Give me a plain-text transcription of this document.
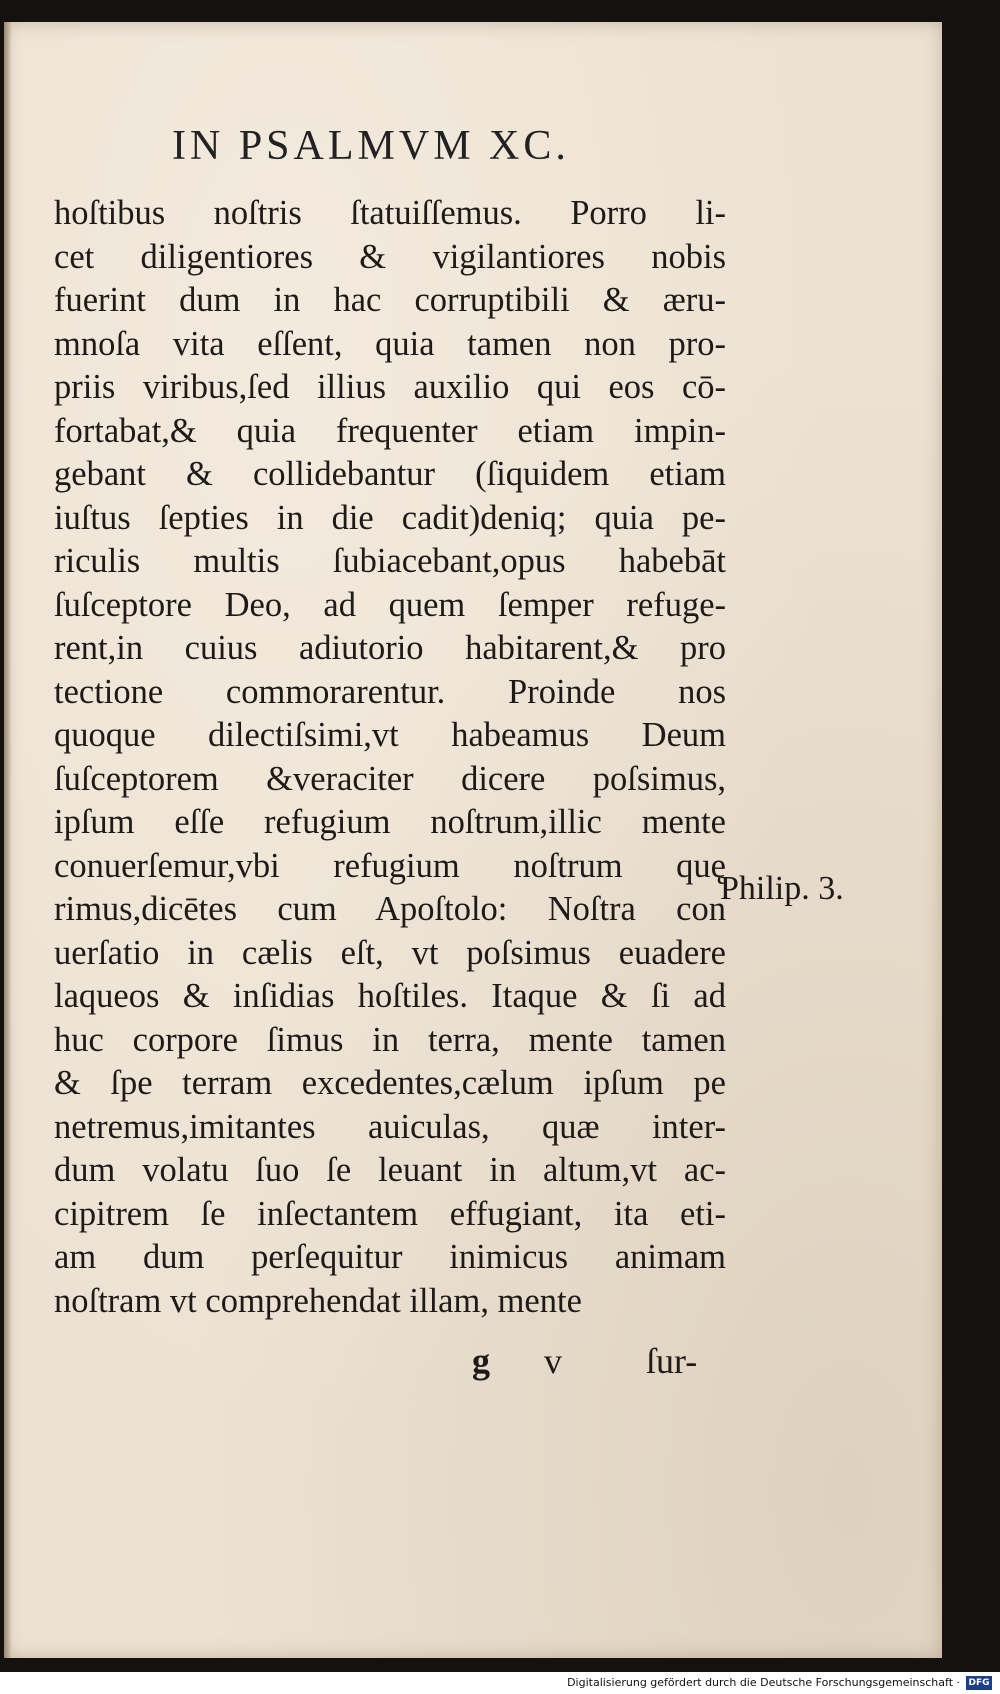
IN PSALMVM XC.
hoſtibus noſtris ſtatuiſſemus. Porro li-
cet diligentiores & vigilantiores nobis
fuerint dum in hac corruptibili & æru-
mnoſa vita eſſent, quia tamen non pro-
priis viribus,ſed illius auxilio qui eos cō-
fortabat,& quia frequenter etiam impin-
gebant & collidebantur (ſiquidem etiam
iuſtus ſepties in die cadit)deniq; quia pe-
riculis multis ſubiacebant,opus habebāt
ſuſceptore Deo, ad quem ſemper refuge-
rent,in cuius adiutorio habitarent,& pro
tectione commorarentur. Proinde nos
quoque dilectiſsimi,vt habeamus Deum
ſuſceptorem &veraciter dicere poſsimus,
ipſum eſſe refugium noſtrum,illic mente
conuerſemur,vbi refugium noſtrum quę
rimus,dicētes cum Apoſtolo: Noſtra con
uerſatio in cælis eſt, vt poſsimus euadere
laqueos & inſidias hoſtiles. Itaque & ſi ad
huc corpore ſimus in terra, mente tamen
& ſpe terram excedentes,cælum ipſum pe
netremus,imitantes auiculas, quæ inter-
dum volatu ſuo ſe leuant in altum,vt ac-
cipitrem ſe inſectantem effugiant, ita eti-
am dum perſequitur inimicus animam
noſtram vt comprehendat illam, mente
Philip. 3.
g v ſur-
Digitalisierung gefördert durch die Deutsche Forschungsgemeinschaft · DFG
